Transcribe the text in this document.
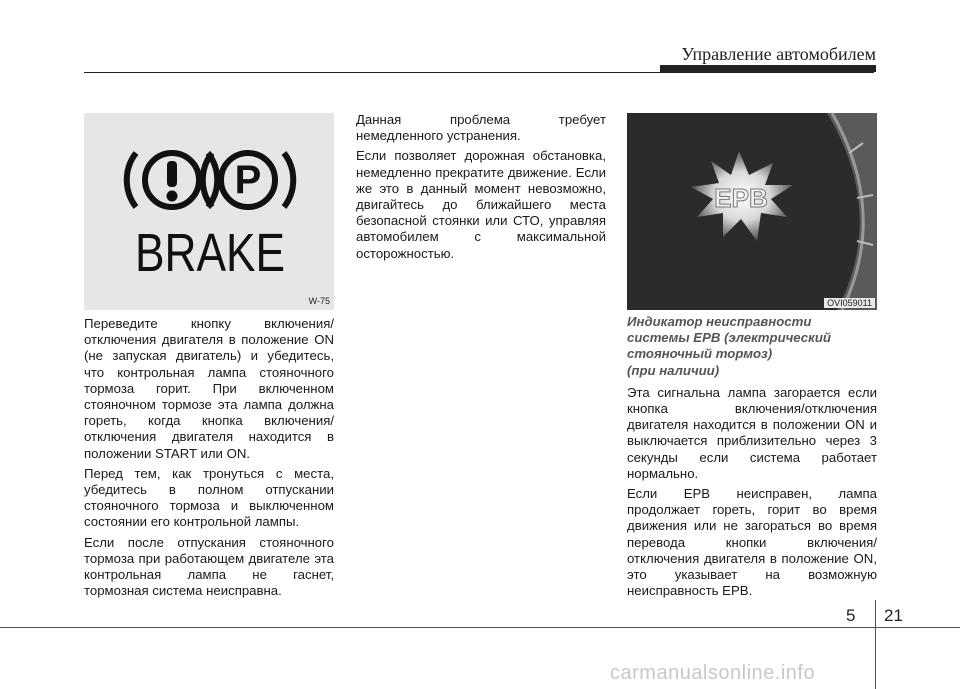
Управление автомобилем
P
BRAKE
W-75
EPB
OVI059011

Переведите кнопку включения/ отключения двигателя в положение ON (не запуская двигатель) и убедитесь, что контрольная лампа стояночного тормоза горит. При включенном стояночном тормозе эта лампа должна гореть, когда кнопка включения/отключения двигателя находится в положении START или ON.

Перед тем, как тронуться с места, убедитесь в полном отпускании стояночного тормоза и выключенном состоянии его контрольной лампы.

Если после отпускания стояночного тормоза при работающем двигателе эта контрольная лампа не гаснет, тормозная система неисправна.

Данная проблема требует немедленного устранения.

Если позволяет дорожная обстановка, немедленно прекратите движение. Если же это в данный момент невозможно, двигайтесь до ближайшего места безопасной стоянки или СТО, управляя автомобилем с максимальной осторожностью.

Индикатор неисправности
системы EPB (электрический
стояночный тормоз)
(при наличии)

Эта сигнальна лампа загорается если кнопка включения/отключения двигателя находится в положении ON и выключается приблизительно через 3 секунды если система работает нормально.

Если EPB неисправен, лампа продолжает гореть, горит во время движения или не загораться во время перевода кнопки включения/ отключения двигателя в положение ON, это указывает на возможную неисправность EPB.

5 21
carmanualsonline.info
